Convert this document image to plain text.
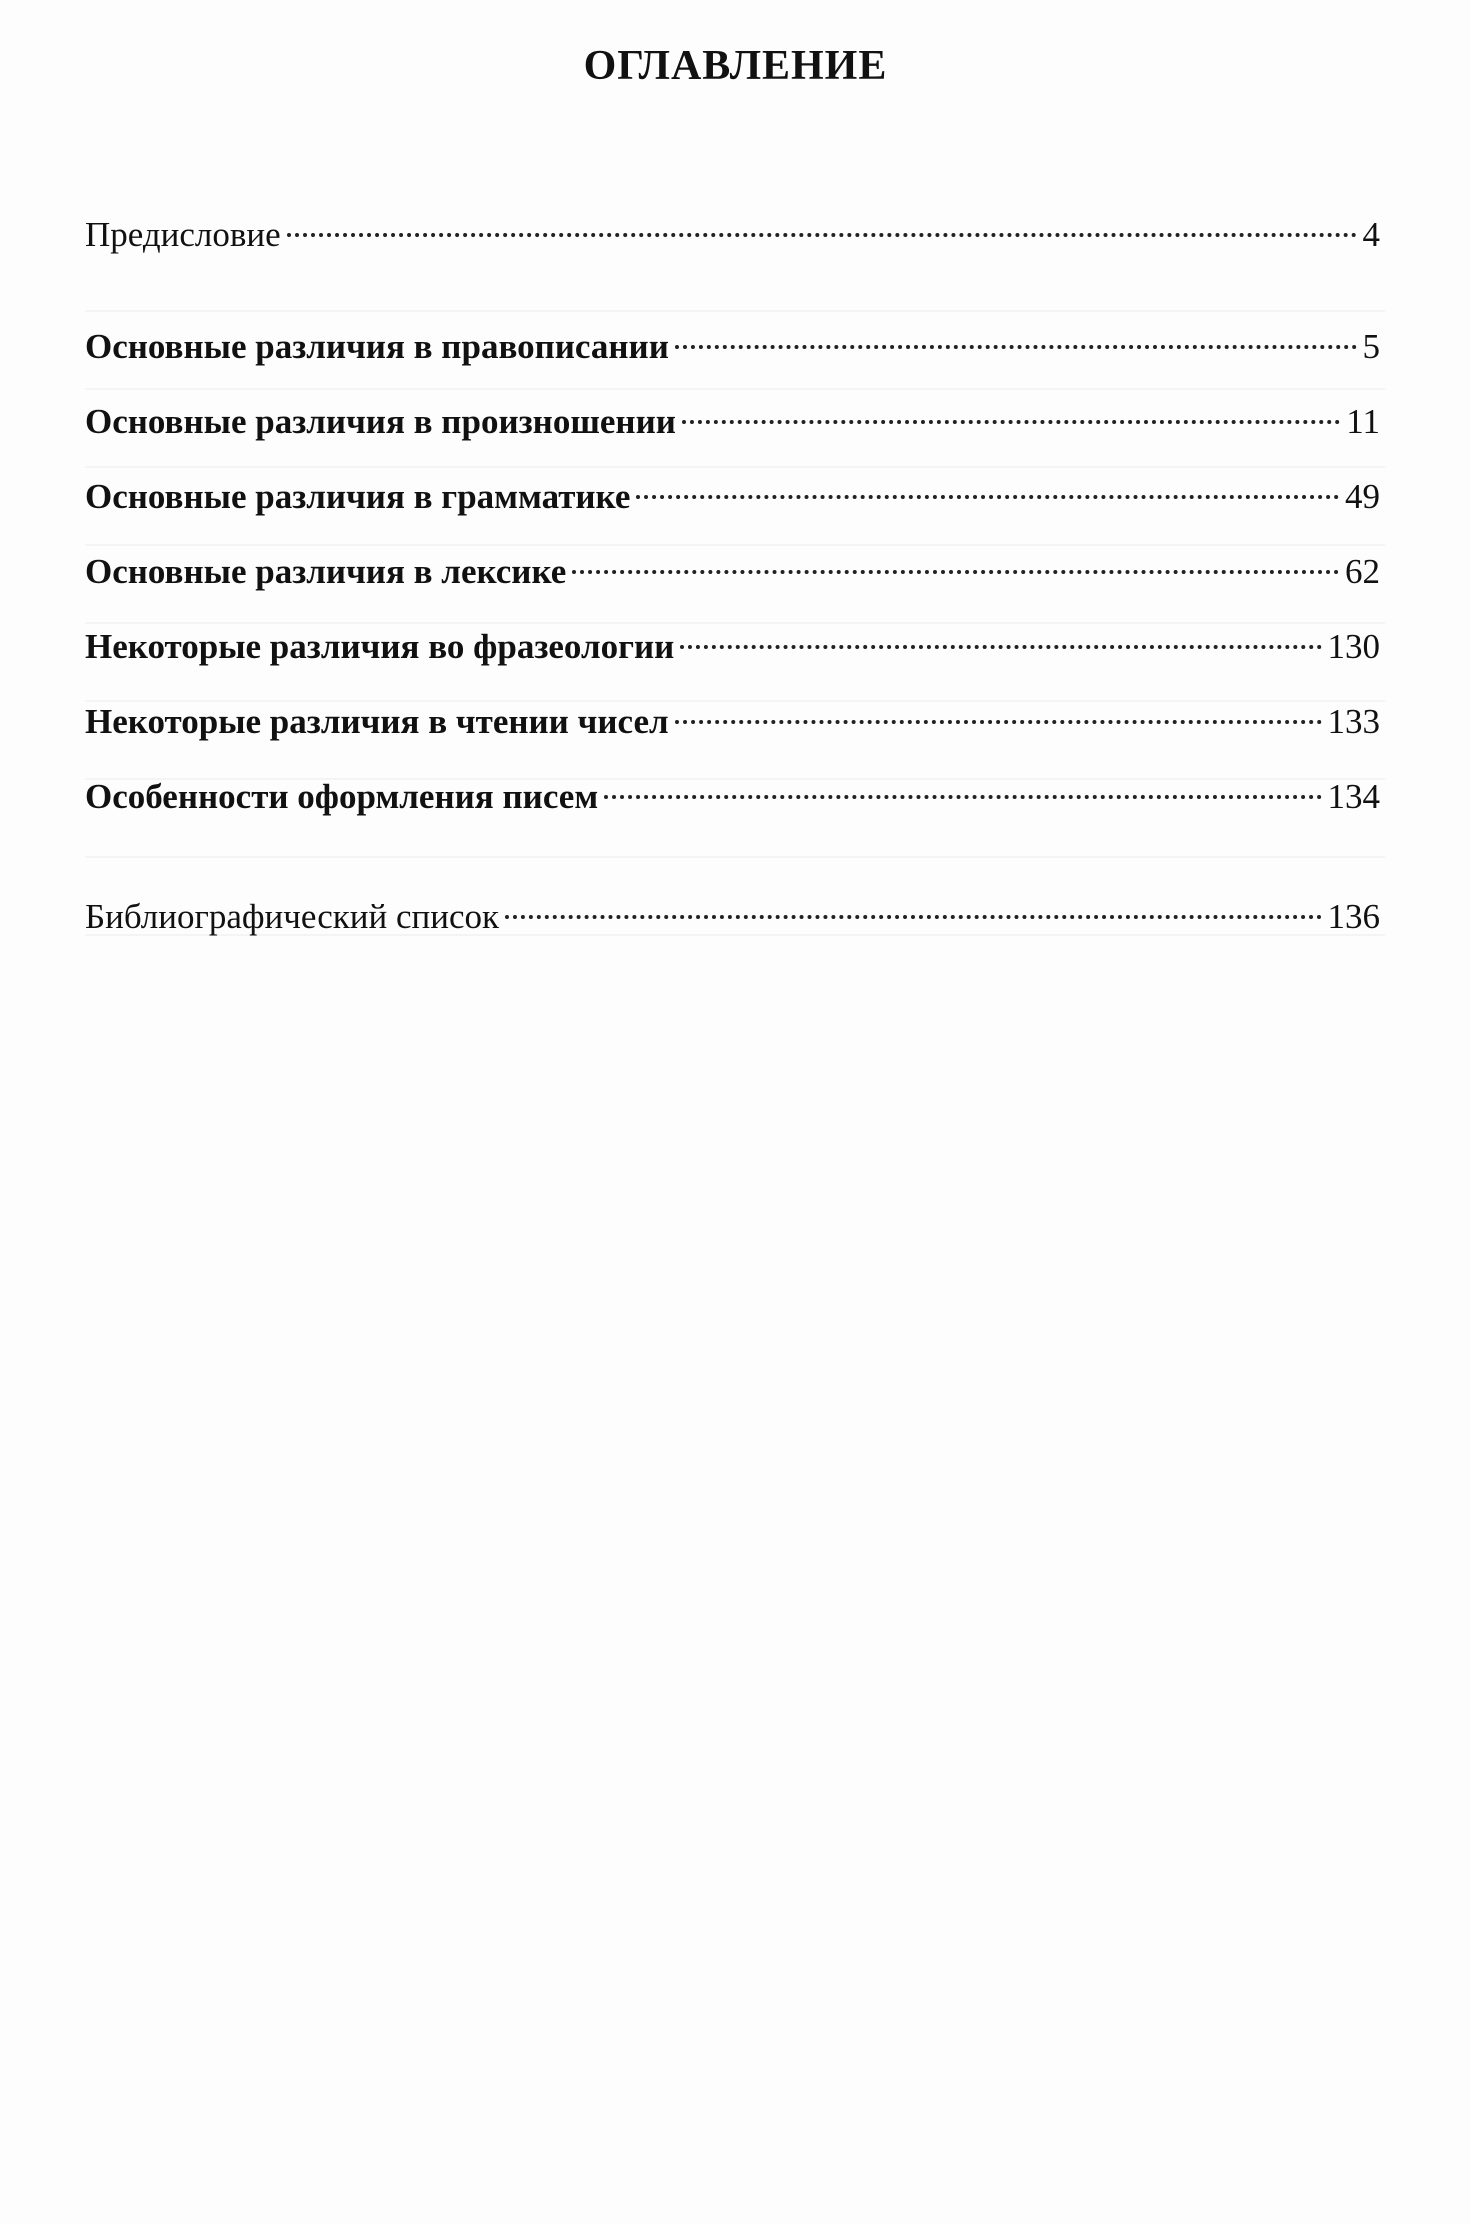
ОГЛАВЛЕНИЕ
Предисловие	4
Основные различия в правописании	5
Основные различия в произношении	11
Основные различия в грамматике	49
Основные различия в лексике	62
Некоторые различия во фразеологии	130
Некоторые различия в чтении чисел	133
Особенности оформления писем	134
Библиографический список	136
